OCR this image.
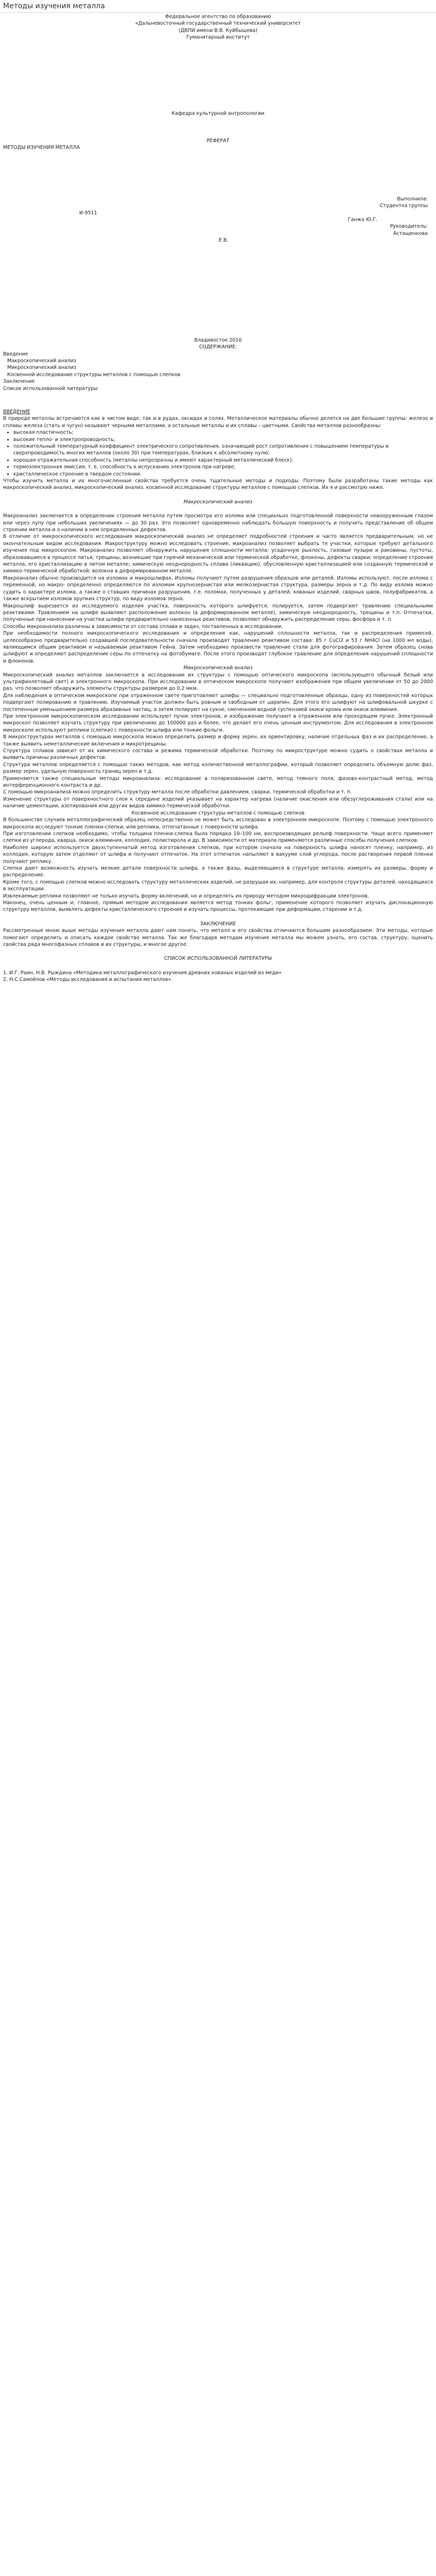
Методы изучения металла
Федеральное агентство по образованию
«Дальневосточный государственный технический университет
(ДВПИ имени В.В. Куйбышева)
Гуманитарный институт
Кафедра культурной антропологии
РЕФЕРАТ
МЕТОДЫ ИЗУЧЕНИЯ МЕТАЛЛА
Выполнила:
Студентка группы
И-9511
Ганжа Ю.Г.
Руководитель:
Астащенкова
Е.В.
Владивосток 2010
СОДЕРЖАНИЕ:
Введение
Макроскопический анализ
Микроскопический анализ
Косвенной исследование структуры металлов с помощью слепков
Заключение
Список использованной литературы
ВВЕДЕНИЕ

В природе металлы встречаются как в чистом виде, так и в рудах, оксидах и солях. Металлическое материалы обычно делятся на две большие группы: железо и сплавы железа (стать и чугун) называют черными металлами, а остальные металлы и их сплавы – цветными. Свойства металлов разнообразны:

• высокая пластичность;
• высокие тепло- и электропроводность;
• положительный температурный коэффициент электрического сопротивления, означающий рост сопротивления с повышением температуры и сверхпроводимость многих металлов (около 30) при температурах, близких к абсолютному нулю;
• хорошая отражательная способность (металлы непрозрачны и имеют характерный металлический блеск);
• термоэлектронная эмиссия, т. е. способность к испусканию электронов при нагреве;
• кристаллическое строение в твердом состоянии.

Чтобы изучить металла и их многочисленные свойства требуется очень тщательные методы и подходы. Поэтому были разработаны такие методы как макроскопический анализ, микроскопический анализ, косвенной исследование структуры металлов с помощью слепков. Их я и рассмотрю ниже.

Макроскопический анализ

Макроанализ заключается в определении строения металла путем просмотра его излома или специально подготовленной поверхности невооруженным глазом или через лупу при небольших увеличениях — до 30 раз. Это позволяет одновременно наблюдать большую поверхность и получить представление об общем строении металла и о наличии в нем определенных дефектов.

В отличие от микроскопического исследования макроскопический анализ не определяет подробностей строения и часто является предварительным, но не окончательным видом исследования. Макроструктуру можно исследовать строение, макроанализ позволяет выбрать те участки, которые требуют детального изучения под микроскопом. Макроанализ позволяет обнаружить нарушения сплошности металла: усадочную рыхлость, газовые пузыри и раковины, пустоты, образовавшиеся в процессе литья, трещины, возникшие при горячей механической или термической обработке, флокены, дефекты сварки; определение строения металла, его кристаллизацию в литом металле; химическую неоднородность сплава (ликвацию), обусловленную кристаллизацией или созданную термической и химико-термической обработкой; волокна в деформированном металле.

Макроанализ обычно производится на изломах и макрошлифах. Изломы получают путем разрушения образцов или деталей. Изломы используют, после излома с переменной, но макро- определенно определяются по изломам крупнозернистая или мелкозернистая структура, размеры зерна и т.д. По виду излома можно судить о характере излома, а также о ставших причинах разрушения, т.е. поломах, полученных у деталей, кованых изделий, сварных швов, полуфабрикатов, а также вскрытием изломов хрупких структур, по виду изломов зерна.

Макрошлиф вырезается из исследуемого изделия участка, поверхность которого шлифуется, полируется, затем подвергают травлению специальными реактивами. Травлением на шлифе выявляют расположение волокон (в деформированном металле), химическую неоднородность, трещины и т.п. Отпечатки, полученные при нанесении на участки шлифа предварительно нанесенных реактивов, позволяют обнаружить распределение серы, фосфора и т. п.

Способы макроанализа различны в зависимости от состава сплава и задач, поставленных в исследовании.

При необходимости полного микроскопического исследования и определения как, нарушений сплошности металла, так и распределения примесей, целесообразно предварительно создавшей последовательности сначала производят травление реактивом состава: 85 г CuCl2 и 53 г NH4Cl (на 1000 мл воды), являющимся общим реактивом и называемым реактивом Гейна. Затем необходимо произвести травление стали для фотографирования. Затем образец снова шлифуют и определяют распределение серы по отпечатку на фотобумаге. После этого производят глубокое травление для определения нарушений сплошности и флокенов.

Микроскопический анализ

Микроскопический анализ металлов заключается в исследовании их структуры с помощью оптического микроскопа (использующего обычный белый или ультрафиолетовый свет) и электронного микроскопа. При исследовании в оптическом микроскопе получают изображения при общем увеличении от 50 до 2000 раз, что позволяет обнаружить элементы структуры размером до 0,2 мкм.

Для наблюдения в оптическом микроскопе при отраженном свете приготовляют шлифы — специально подготовленные образцы, одну из поверхностей которых подвергают полированию и травлению. Изучаемый участок должен быть ровным и свободным от царапин. Для этого его шлифуют на шлифовальной шкурке с постепенным уменьшением размера абразивных частиц, а затем полируют на сукне, смоченном водной суспензией окиси хрома или окиси алюминия.

При электронном микроскопическом исследовании используют пучок электронов, и изображение получают в отраженном или проходящем пучке. Электронный микроскоп позволяет изучать структуру при увеличениях до 100000 раз и более, что делает его очень ценным инструментом. Для исследования в электронном микроскопе используют реплики (слепки) с поверхности шлифа или тонкие фольги.

В микроструктурах металлов с помощью микроскопа можно определить размер и форму зерен, их ориентировку, наличие отдельных фаз и их распределение, а также выявить неметаллические включения и микротрещины.

Структура сплавов зависит от их химического состава и режима термической обработки. Поэтому по микроструктуре можно судить о свойствах металла и выявить причины различных дефектов.

Структура металлов определяется с помощью таких методов, как метод количественной металлографии, который позволяет определить объемную долю фаз, размер зерен, удельную поверхность границ зерен и т.д.

Применяются также специальные методы микроанализа: исследование в поляризованном свете, метод темного поля, фазово-контрастный метод, метод интерференционного контраста и др.

С помощью микроанализа можно определить структуру металла после обработки давлением, сварки, термической обработки и т. п.

Изменение структуры от поверхностного слоя к середине изделий указывает на характер нагрева (наличие окисления или обезуглероживания стали) или на наличие цементации, азотирования или других видов химико-термической обработки.

Косвенное исследование структуры металлов с помощью слепков

В большинстве случаев металлографический образец непосредственно не может быть исследован в электронном микроскопе. Поэтому с помощью электронного микроскопа исследуют тонкие пленки-слепки, или реплики, отпечатанные с поверхности шлифа.

При изготовлении слепков необходимо, чтобы толщина пленки-слепка была порядка 10–100 нм, воспроизводящих рельеф поверхности. Чаще всего применяют слепки из углерода, кварца, окиси алюминия, коллодия, полистирола и др. В зависимости от материала применяются различные способы получения слепков.

Наиболее широко используется двухступенчатый метод изготовления слепков, при котором сначала на поверхность шлифа наносят пленку, например, из коллодия, которую затем отделяют от шлифа и получают отпечаток. На этот отпечаток напыляют в вакууме слой углерода, после растворения первой пленки получают реплику.

Слепки дают возможность изучать мелкие детали поверхности шлифа, а также фазы, выделяющиеся в структуре металла, измерять их размеры, форму и распределение.

Кроме того, с помощью слепков можно исследовать структуру металлических изделий, не разрушая их, например, для контроля структуры деталей, находящихся в эксплуатации.

Извлекаемые реплики позволяют не только изучать форму включений, но и определять их природу методом микродифракции электронов.

Наконец, очень ценным и, главное, прямым методом исследования является метод тонких фольг, применение которого позволяет изучать дислокационную структуру металлов, выявлять дефекты кристаллического строения и изучать процессы, протекающие при деформации, старении и т.д.

ЗАКЛЮЧЕНИЕ

Рассмотренные мною выше методы изучения металла дают нам понять, что металл и его свойства отличаются большим разнообразием. Эти методы, которые помогают определить и описать каждое свойство металла. Так же благодаря методам изучения металла мы можем узнать, его состав, структуру, оценить свойства ряда многофазных сплавов и их структуры, и многое другое.

СПИСОК ИСПОЛЬЗОВАННОЙ ЛИТЕРАТУРЫ
1. И.Г. Раин, Н.В. Рыждина «Методика металлографического изучения древних кованых изделий из меди»
2. Н.С.Самойлов «Методы исследования и испытания металлов».
